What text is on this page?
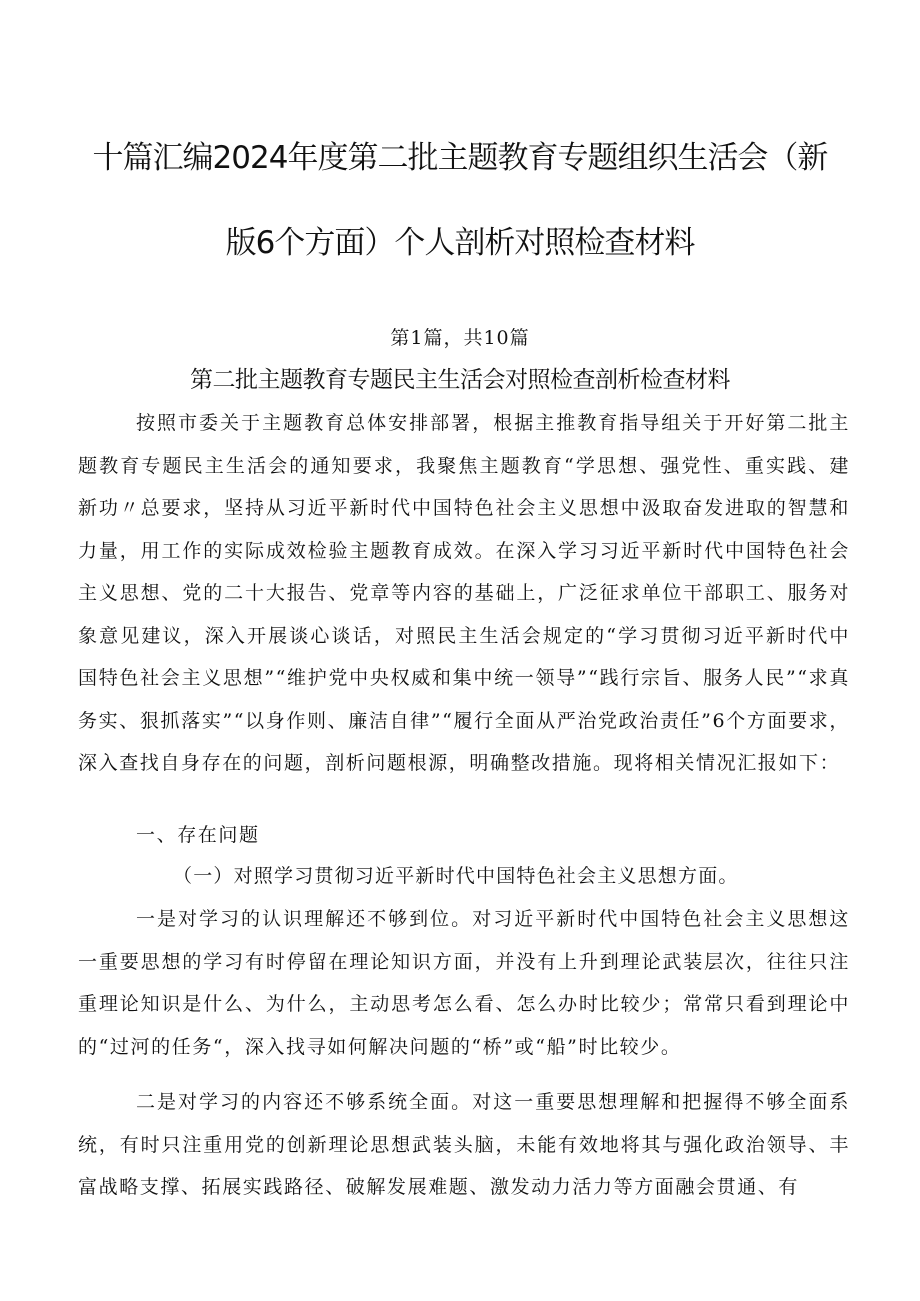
十篇汇编2024年度第二批主题教育专题组织生活会（新
版6个方面）个人剖析对照检查材料
第1篇，共10篇
第二批主题教育专题民主生活会对照检查剖析检查材料

按照市委关于主题教育总体安排部署，根据主推教育指导组关于开好第二批主题教育专题民主生活会的通知要求，我聚焦主题教育“学思想、强党性、重实践、建新功〃总要求，坚持从习近平新时代中国特色社会主义思想中汲取奋发进取的智慧和力量，用工作的实际成效检验主题教育成效。在深入学习习近平新时代中国特色社会主义思想、党的二十大报告、党章等内容的基础上，广泛征求单位干部职工、服务对象意见建议，深入开展谈心谈话，对照民主生活会规定的“学习贯彻习近平新时代中国特色社会主义思想”“维护党中央权威和集中统一领导”“践行宗旨、服务人民”“求真务实、狠抓落实”“以身作则、廉洁自律”“履行全面从严治党政治责任”6个方面要求，深入查找自身存在的问题，剖析问题根源，明确整改措施。现将相关情况汇报如下：

一、存在问题
（一）对照学习贯彻习近平新时代中国特色社会主义思想方面。

一是对学习的认识理解还不够到位。对习近平新时代中国特色社会主义思想这一重要思想的学习有时停留在理论知识方面，并没有上升到理论武装层次，往往只注重理论知识是什么、为什么，主动思考怎么看、怎么办时比较少；常常只看到理论中的“过河的任务“，深入找寻如何解决问题的“桥”或“船”时比较少。

二是对学习的内容还不够系统全面。对这一重要思想理解和把握得不够全面系统，有时只注重用党的创新理论思想武装头脑，未能有效地将其与强化政治领导、丰富战略支撑、拓展实践路径、破解发展难题、激发动力活力等方面融会贯通、有
